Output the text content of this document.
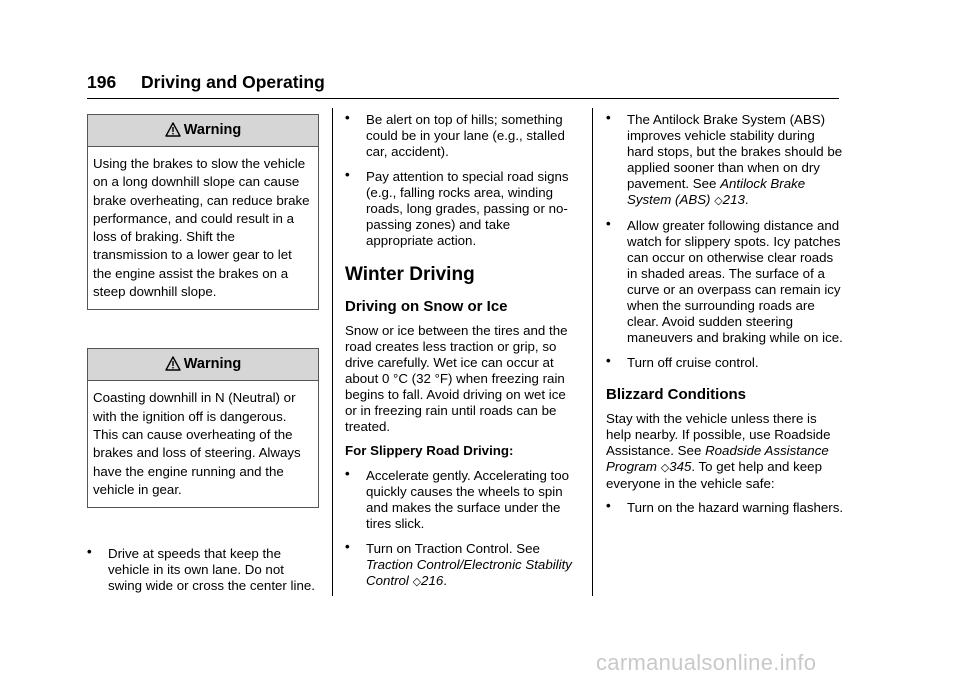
196 Driving and Operating
Warning
Using the brakes to slow the vehicle on a long downhill slope can cause brake overheating, can reduce brake performance, and could result in a loss of braking. Shift the transmission to a lower gear to let the engine assist the brakes on a steep downhill slope.
Warning
Coasting downhill in N (Neutral) or with the ignition off is dangerous. This can cause overheating of the brakes and loss of steering. Always have the engine running and the vehicle in gear.
• Drive at speeds that keep the vehicle in its own lane. Do not swing wide or cross the center line.
• Be alert on top of hills; something could be in your lane (e.g., stalled car, accident).
• Pay attention to special road signs (e.g., falling rocks area, winding roads, long grades, passing or no-passing zones) and take appropriate action.
Winter Driving
Driving on Snow or Ice
Snow or ice between the tires and the road creates less traction or grip, so drive carefully. Wet ice can occur at about 0 °C (32 °F) when freezing rain begins to fall. Avoid driving on wet ice or in freezing rain until roads can be treated.
For Slippery Road Driving:
• Accelerate gently. Accelerating too quickly causes the wheels to spin and makes the surface under the tires slick.
• Turn on Traction Control. See Traction Control/Electronic Stability Control ◇216.
• The Antilock Brake System (ABS) improves vehicle stability during hard stops, but the brakes should be applied sooner than when on dry pavement. See Antilock Brake System (ABS) ◇213.
• Allow greater following distance and watch for slippery spots. Icy patches can occur on otherwise clear roads in shaded areas. The surface of a curve or an overpass can remain icy when the surrounding roads are clear. Avoid sudden steering maneuvers and braking while on ice.
• Turn off cruise control.
Blizzard Conditions
Stay with the vehicle unless there is help nearby. If possible, use Roadside Assistance. See Roadside Assistance Program ◇345. To get help and keep everyone in the vehicle safe:
• Turn on the hazard warning flashers.
carmanualsonline.info
